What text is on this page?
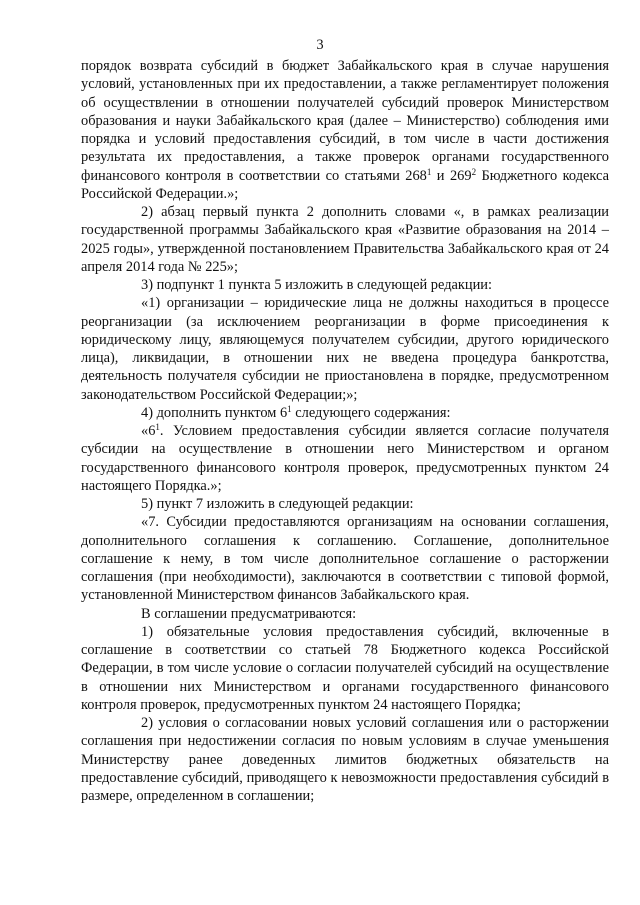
3

порядок возврата субсидий в бюджет Забайкальского края в случае нарушения условий, установленных при их предоставлении, а также регламентирует положения об осуществлении в отношении получателей субсидий проверок Министерством образования и науки Забайкальского края (далее – Министерство) соблюдения ими порядка и условий предоставления субсидий, в том числе в части достижения результата их предоставления, а также проверок органами государственного финансового контроля в соответствии со статьями $268^1$ и $269^2$ Бюджетного кодекса Российской Федерации.»;

2) абзац первый пункта 2 дополнить словами «, в рамках реализации государственной программы Забайкальского края «Развитие образования на 2014 – 2025 годы», утвержденной постановлением Правительства Забайкальского края от 24 апреля 2014 года № 225»;

3) подпункт 1 пункта 5 изложить в следующей редакции:

«1) организации – юридические лица не должны находиться в процессе реорганизации (за исключением реорганизации в форме присоединения к юридическому лицу, являющемуся получателем субсидии, другого юридического лица), ликвидации, в отношении них не введена процедура банкротства, деятельность получателя субсидии не приостановлена в порядке, предусмотренном законодательством Российской Федерации;»;

4) дополнить пунктом $6^1$ следующего содержания:

«$6^1$. Условием предоставления субсидии является согласие получателя субсидии на осуществление в отношении него Министерством и органом государственного финансового контроля проверок, предусмотренных пунктом 24 настоящего Порядка.»;

5) пункт 7 изложить в следующей редакции:

«7. Субсидии предоставляются организациям на основании соглашения, дополнительного соглашения к соглашению. Соглашение, дополнительное соглашение к нему, в том числе дополнительное соглашение о расторжении соглашения (при необходимости), заключаются в соответствии с типовой формой, установленной Министерством финансов Забайкальского края.

В соглашении предусматриваются:

1) обязательные условия предоставления субсидий, включенные в соглашение в соответствии со статьей 78 Бюджетного кодекса Российской Федерации, в том числе условие о согласии получателей субсидий на осуществление в отношении них Министерством и органами государственного финансового контроля проверок, предусмотренных пунктом 24 настоящего Порядка;

2) условия о согласовании новых условий соглашения или о расторжении соглашения при недостижении согласия по новым условиям в случае уменьшения Министерству ранее доведенных лимитов бюджетных обязательств на предоставление субсидий, приводящего к невозможности предоставления субсидий в размере, определенном в соглашении;
